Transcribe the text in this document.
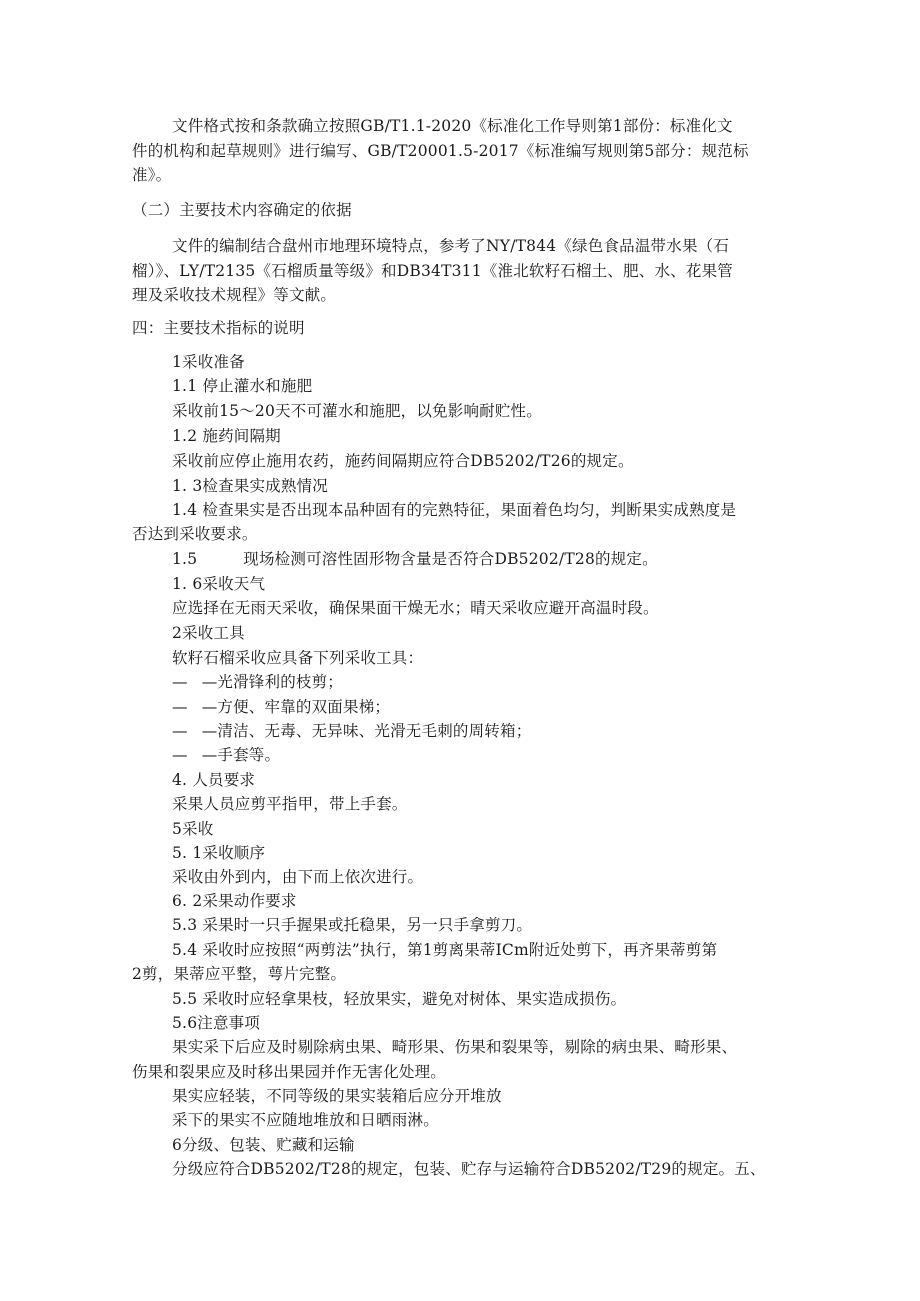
文件格式按和条款确立按照GB/T1.1-2020《标准化工作导则第1部份：标准化文
件的机构和起草规则》进行编写、GB/T20001.5-2017《标准编写规则第5部分：规范标
准》。
（二）主要技术内容确定的依据
文件的编制结合盘州市地理环境特点，参考了NY/T844《绿色食品温带水果（石
榴）》、LY/T2135《石榴质量等级》和DB34T311《淮北软籽石榴土、肥、水、花果管
理及采收技术规程》等文献。
四：主要技术指标的说明
1采收准备
1.1 停止灌水和施肥
采收前15～20天不可灌水和施肥，以免影响耐贮性。
1.2 施药间隔期
采收前应停止施用农药，施药间隔期应符合DB5202/T26的规定。
1. 3检查果实成熟情况
1.4 检查果实是否出现本品种固有的完熟特征，果面着色均匀，判断果实成熟度是
否达到采收要求。
1.5	现场检测可溶性固形物含量是否符合DB5202/T28的规定。
1. 6采收天气
应选择在无雨天采收，确保果面干燥无水；晴天采收应避开高温时段。
2采收工具
软籽石榴采收应具备下列采收工具：
— —光滑锋利的枝剪；
— —方便、牢靠的双面果梯；
— —清洁、无毒、无异味、光滑无毛刺的周转箱；
— —手套等。
4. 人员要求
采果人员应剪平指甲，带上手套。
5采收
5. 1采收顺序
采收由外到内，由下而上依次进行。
6. 2采果动作要求
5.3 采果时一只手握果或托稳果，另一只手拿剪刀。
5.4 采收时应按照“两剪法”执行，第1剪离果蒂ICm附近处剪下，再齐果蒂剪第
2剪，果蒂应平整，萼片完整。
5.5 采收时应轻拿果枝，轻放果实，避免对树体、果实造成损伤。
5.6注意事项
果实采下后应及时剔除病虫果、畸形果、伤果和裂果等，剔除的病虫果、畸形果、
伤果和裂果应及时移出果园并作无害化处理。
果实应轻装，不同等级的果实装箱后应分开堆放
采下的果实不应随地堆放和日晒雨淋。
6分级、包装、贮藏和运输
分级应符合DB5202/T28的规定，包装、贮存与运输符合DB5202/T29的规定。五、
